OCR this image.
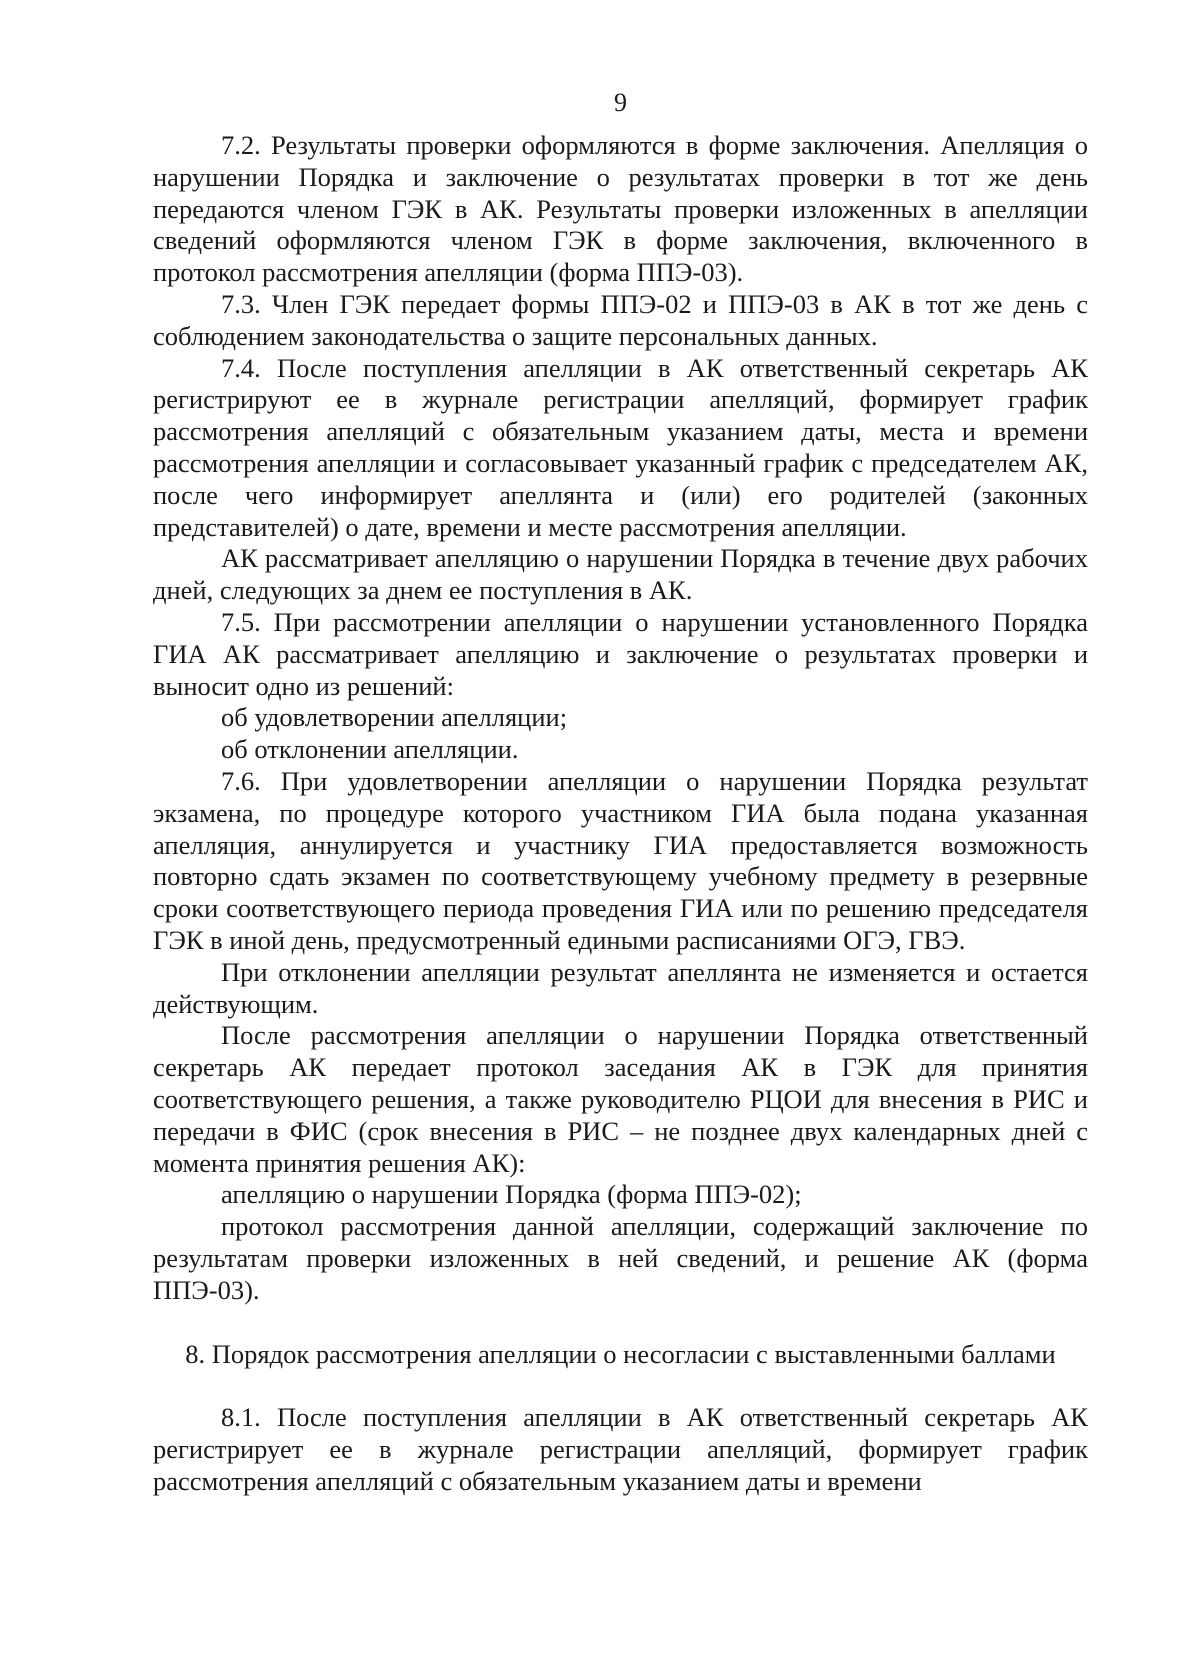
9

7.2. Результаты проверки оформляются в форме заключения. Апелляция о нарушении Порядка и заключение о результатах проверки в тот же день передаются членом ГЭК в АК. Результаты проверки изложенных в апелляции сведений оформляются членом ГЭК в форме заключения, включенного в протокол рассмотрения апелляции (форма ППЭ-03).

7.3. Член ГЭК передает формы ППЭ-02 и ППЭ-03 в АК в тот же день с соблюдением законодательства о защите персональных данных.

7.4. После поступления апелляции в АК ответственный секретарь АК регистрируют ее в журнале регистрации апелляций, формирует график рассмотрения апелляций с обязательным указанием даты, места и времени рассмотрения апелляции и согласовывает указанный график с председателем АК, после чего информирует апеллянта и (или) его родителей (законных представителей) о дате, времени и месте рассмотрения апелляции.

АК рассматривает апелляцию о нарушении Порядка в течение двух рабочих дней, следующих за днем ее поступления в АК.

7.5. При рассмотрении апелляции о нарушении установленного Порядка ГИА АК рассматривает апелляцию и заключение о результатах проверки и выносит одно из решений:

об удовлетворении апелляции;

об отклонении апелляции.

7.6. При удовлетворении апелляции о нарушении Порядка результат экзамена, по процедуре которого участником ГИА была подана указанная апелляция, аннулируется и участнику ГИА предоставляется возможность повторно сдать экзамен по соответствующему учебному предмету в резервные сроки соответствующего периода проведения ГИА или по решению председателя ГЭК в иной день, предусмотренный едиными расписаниями ОГЭ, ГВЭ.

При отклонении апелляции результат апеллянта не изменяется и остается действующим.

После рассмотрения апелляции о нарушении Порядка ответственный секретарь АК передает протокол заседания АК в ГЭК для принятия соответствующего решения, а также руководителю РЦОИ для внесения в РИС и передачи в ФИС (срок внесения в РИС – не позднее двух календарных дней с момента принятия решения АК):

апелляцию о нарушении Порядка (форма ППЭ-02);

протокол рассмотрения данной апелляции, содержащий заключение по результатам проверки изложенных в ней сведений, и решение АК (форма ППЭ-03).

8. Порядок рассмотрения апелляции о несогласии с выставленными баллами

8.1. После поступления апелляции в АК ответственный секретарь АК регистрирует ее в журнале регистрации апелляций, формирует график рассмотрения апелляций с обязательным указанием даты и времени
